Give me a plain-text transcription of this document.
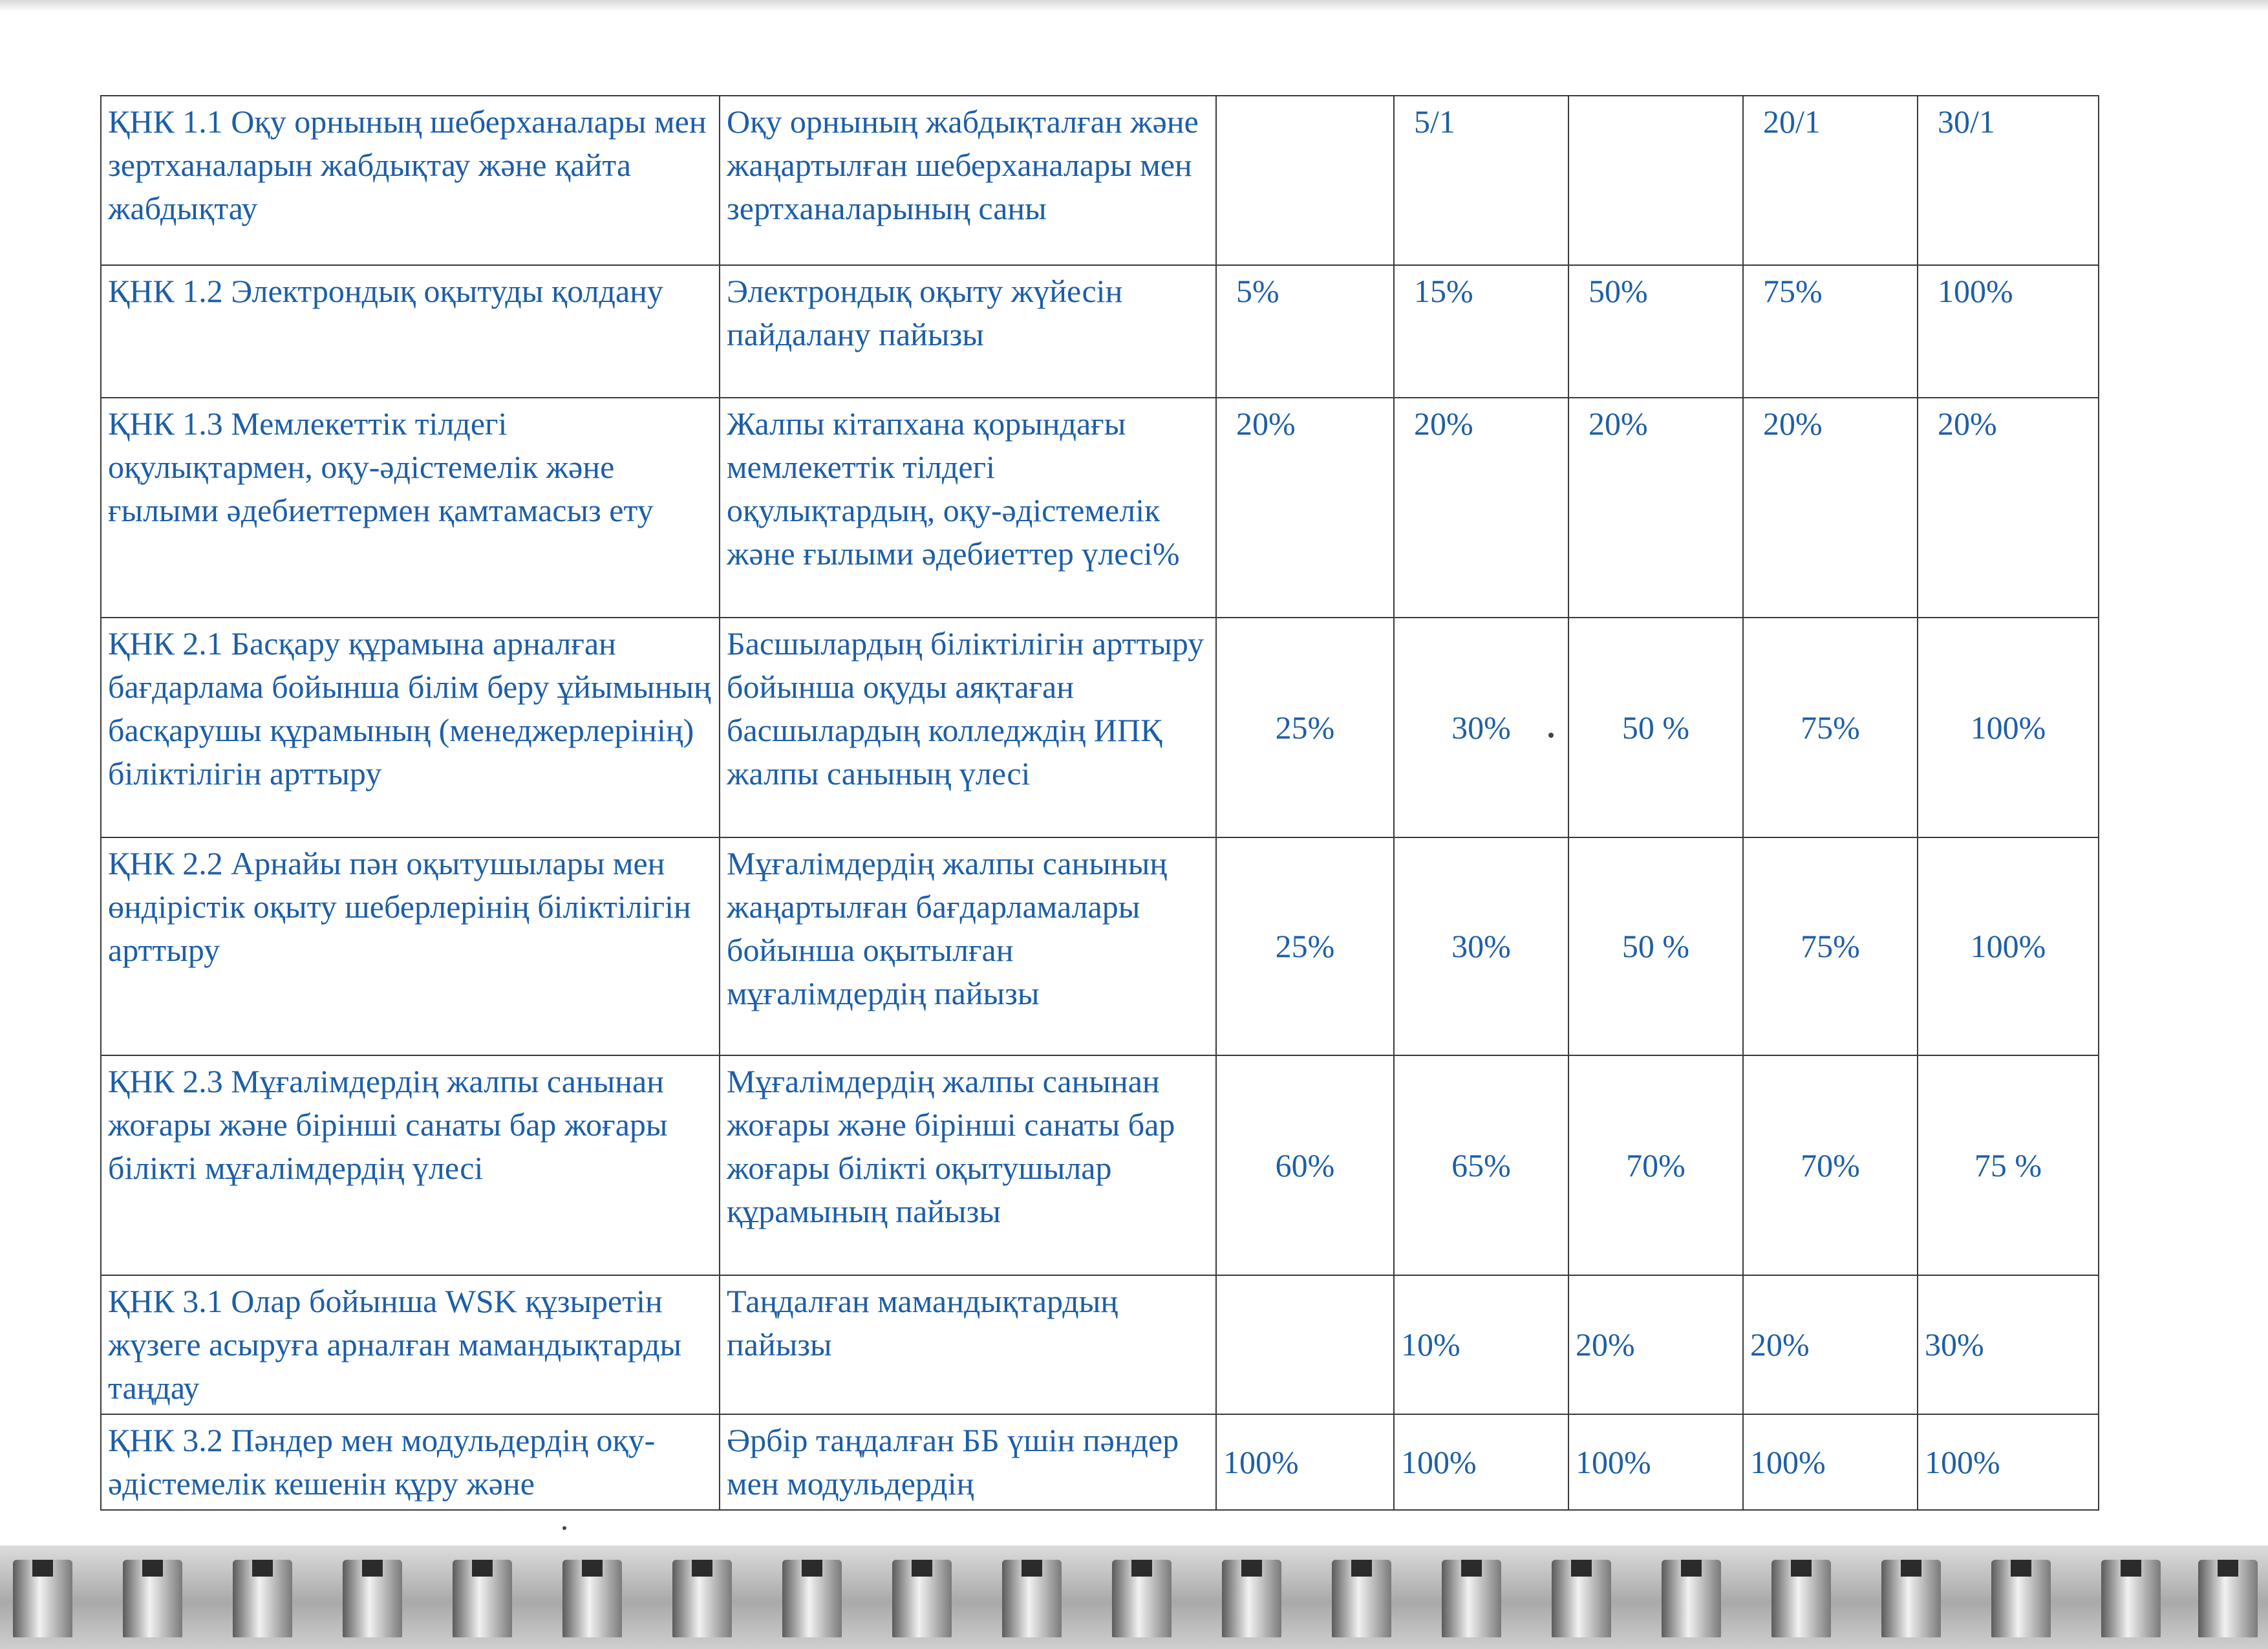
ҚНК 1.1 Оқу орнының шеберханалары мен зертханаларын жабдықтау және қайта жабдықтау	Оқу орнының жабдықталған және жаңартылған шеберханалары мен зертханаларының саны		5/1		20/1	30/1
ҚНК 1.2 Электрондық оқытуды қолдану	Электрондық оқыту жүйесін пайдалану пайызы	5%	15%	50%	75%	100%
ҚНК 1.3 Мемлекеттік тілдегі оқулықтармен, оқу-әдістемелік және ғылыми әдебиеттермен қамтамасыз ету	Жалпы кітапхана қорындағы мемлекеттік тілдегі оқулықтардың, оқу-әдістемелік және ғылыми әдебиеттер үлесі%	20%	20%	20%	20%	20%
ҚНК 2.1 Басқару құрамына арналған бағдарлама бойынша білім беру ұйымының басқарушы құрамының (менеджерлерінің) біліктілігін арттыру	Басшылардың біліктілігін арттыру бойынша оқуды аяқтаған басшылардың колледждің ИПҚ жалпы санының үлесі	25%	30%	50 %	75%	100%
ҚНК 2.2 Арнайы пән оқытушылары мен өндірістік оқыту шеберлерінің біліктілігін арттыру	Мұғалімдердің жалпы санының жаңартылған бағдарламалары бойынша оқытылған мұғалімдердің пайызы	25%	30%	50 %	75%	100%
ҚНК 2.3 Мұғалімдердің жалпы санынан жоғары және бірінші санаты бар жоғары білікті мұғалімдердің үлесі	Мұғалімдердің жалпы санынан жоғары және бірінші санаты бар жоғары білікті оқытушылар құрамының пайызы	60%	65%	70%	70%	75 %
ҚНК 3.1 Олар бойынша WSK құзыретін жүзеге асыруға арналған мамандықтарды таңдау	Таңдалған мамандықтардың пайызы		10%	20%	20%	30%
ҚНК 3.2 Пәндер мен модульдердің оқу-әдістемелік кешенін құру және	Әрбір таңдалған ББ үшін пәндер мен модульдердің	100%	100%	100%	100%	100%
